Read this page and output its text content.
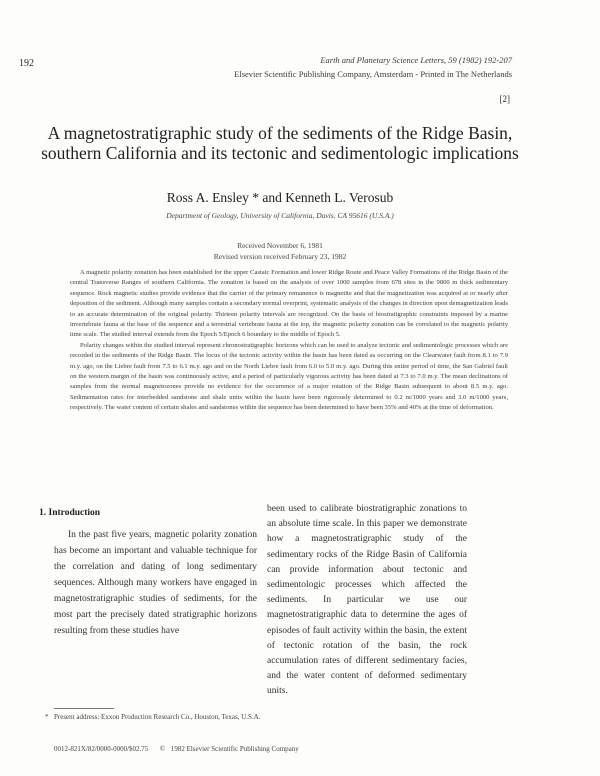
192	Earth and Planetary Science Letters, 59 (1982) 192-207
Elsevier Scientific Publishing Company, Amsterdam - Printed in The Netherlands
[2]
A magnetostratigraphic study of the sediments of the Ridge Basin, southern California and its tectonic and sedimentologic implications
Ross A. Ensley * and Kenneth L. Verosub
Department of Geology, University of California, Davis, CA 95616 (U.S.A.)
Received November 6, 1981
Revised version received February 23, 1982

A magnetic polarity zonation has been established for the upper Castaic Formation and lower Ridge Route and Peace Valley Formations of the Ridge Basin of the central Transverse Ranges of southern California. The zonation is based on the analysis of over 1000 samples from 678 sites in the 9800 m thick sedimentary sequence. Rock magnetic studies provide evidence that the carrier of the primary remanence is magnetite and that the magnetization was acquired at or nearly after deposition of the sediment. Although many samples contain a secondary normal overprint, systematic analysis of the changes in direction upon demagnetization leads to an accurate determination of the original polarity. Thirteen polarity intervals are recognized. On the basis of biostratigraphic constraints imposed by a marine invertebrate fauna at the base of the sequence and a terrestrial vertebrate fauna at the top, the magnetic polarity zonation can be correlated to the magnetic polarity time scale. The studied interval extends from the Epoch 5/Epoch 6 boundary to the middle of Epoch 5.

Polarity changes within the studied interval represent chronostratigraphic horizons which can be used to analyze tectonic and sedimentologic processes which are recorded in the sediments of the Ridge Basin. The locus of the tectonic activity within the basin has been dated as occurring on the Clearwater fault from 8.1 to 7.9 m.y. ago, on the Liebre fault from 7.5 to 6.1 m.y. ago and on the North Liebre fault from 6.0 to 5.0 m.y. ago. During this entire period of time, the San Gabriel fault on the western margin of the basin was continuously active, and a period of particularly vigorous activity has been dated at 7.3 to 7.0 m.y. The mean declinations of samples from the normal magnetozones provide no evidence for the occurrence of a major rotation of the Ridge Basin subsequent to about 8.5 m.y. ago. Sedimentation rates for interbedded sandstone and shale units within the basin have been rigorously determined to 0.2 m/1000 years and 3.0 m/1000 years, respectively. The water content of certain shales and sandstones within the sequence has been determined to have been 35% and 40% at the time of deformation.

1. Introduction

In the past five years, magnetic polarity zonation has become an important and valuable technique for the correlation and dating of long sedimentary sequences. Although many workers have engaged in magnetostratigraphic studies of sediments, for the most part the precisely dated stratigraphic horizons resulting from these studies have

been used to calibrate biostratigraphic zonations to an absolute time scale. In this paper we demonstrate how a magnetostratigraphic study of the sedimentary rocks of the Ridge Basin of California can provide information about tectonic and sedimentologic processes which affected the sediments. In particular we use our magnetostratigraphic data to determine the ages of episodes of fault activity within the basin, the extent of tectonic rotation of the basin, the rock accumulation rates of different sedimentary facies, and the water content of deformed sedimentary units.

* Present address: Exxon Production Research Co., Houston, Texas, U.S.A.
0012-821X/82/0000-0000/$02.75 © 1982 Elsevier Scientific Publishing Company
